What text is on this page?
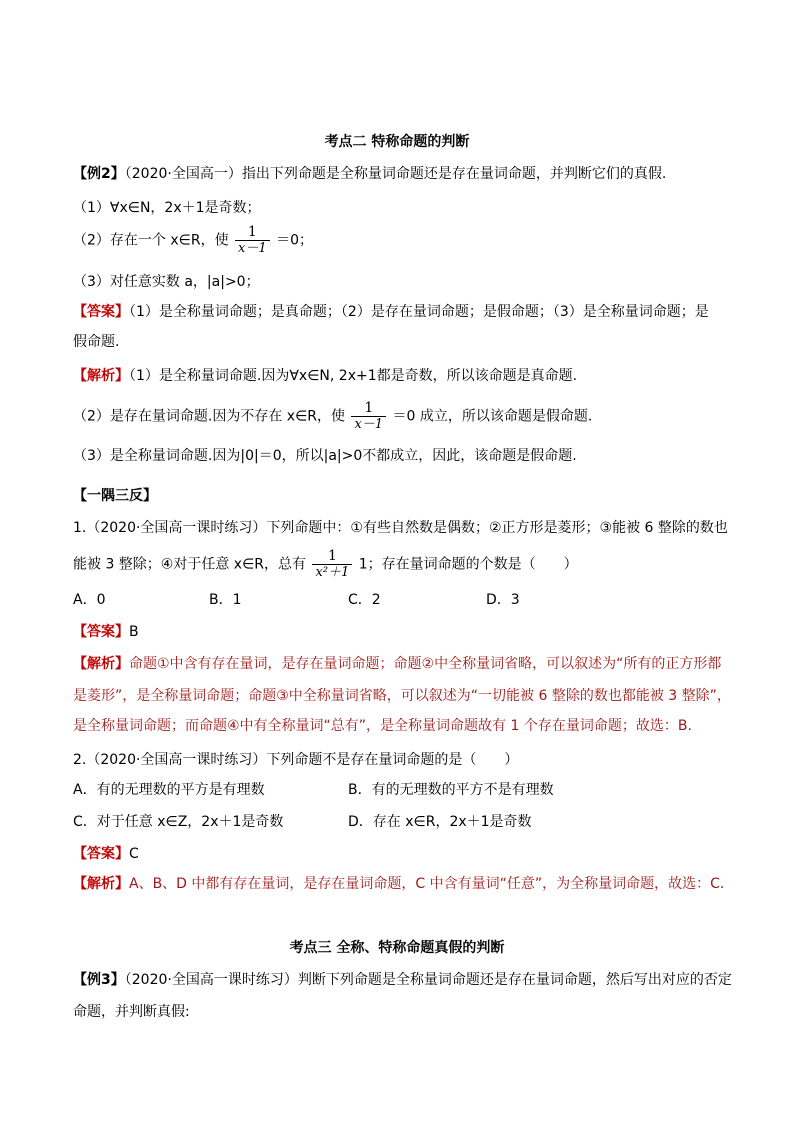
考点二 特称命题的判断
【例2】（2020·全国高一）指出下列命题是全称量词命题还是存在量词命题，并判断它们的真假.
（1）∀x∈N，2x＋1是奇数；
（2）存在一个 x∈R，使 $\frac{1}{x-1} =0$；
（3）对任意实数 a，|a|>0；
【答案】（1）是全称量词命题；是真命题；（2）是存在量词命题；是假命题；（3）是全称量词命题；是
假命题.
【解析】（1）是全称量词命题.因为∀x∈N, 2x+1都是奇数，所以该命题是真命题.
（2）是存在量词命题.因为不存在 x∈R，使 $\frac{1}{x-1} =0$ 成立，所以该命题是假命题.
（3）是全称量词命题.因为|0|＝0，所以|a|>0不都成立，因此，该命题是假命题.
【一隅三反】
1.（2020·全国高一课时练习）下列命题中：①有些自然数是偶数；②正方形是菱形；③能被 6 整除的数也
能被 3 整除；④对于任意 x∈R，总有 $\frac{1}{\text{x²＋1}} 1$；存在量词命题的个数是（　　）
A．0	B．1	C．2	D．3
【答案】B
【解析】命题①中含有存在量词，是存在量词命题；命题②中全称量词省略，可以叙述为“所有的正方形都
是菱形”，是全称量词命题；命题③中全称量词省略，可以叙述为“一切能被 6 整除的数也都能被 3 整除”，
是全称量词命题；而命题④中有全称量词“总有”，是全称量词命题故有 1 个存在量词命题；故选：B.
2.（2020·全国高一课时练习）下列命题不是存在量词命题的是（　　）
A．有的无理数的平方是有理数	B．有的无理数的平方不是有理数
C．对于任意 x∈Z，2x＋1是奇数	D．存在 x∈R，2x＋1是奇数
【答案】C
【解析】A、B、D 中都有存在量词，是存在量词命题，C 中含有量词“任意”，为全称量词命题，故选：C.
考点三 全称、特称命题真假的判断
【例3】（2020·全国高一课时练习）判断下列命题是全称量词命题还是存在量词命题，然后写出对应的否定
命题，并判断真假:
